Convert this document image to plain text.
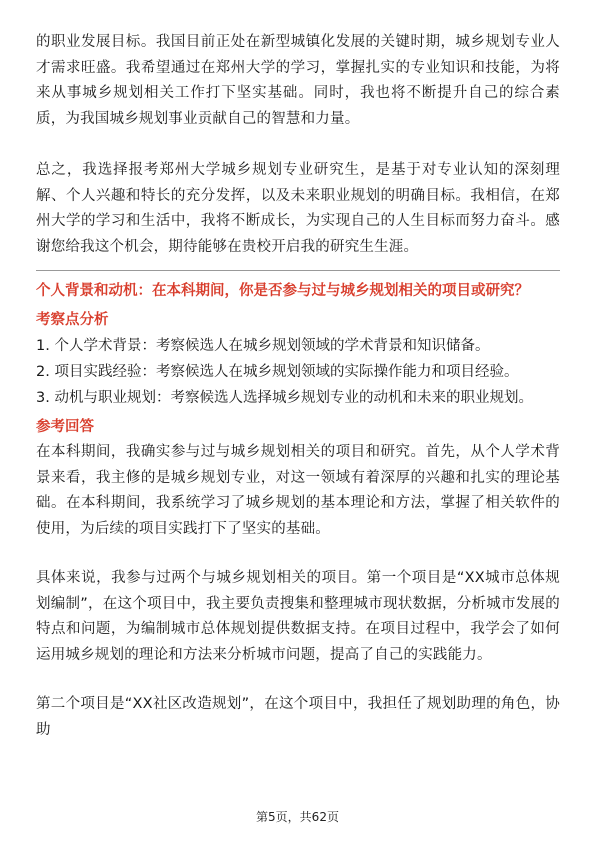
的职业发展目标。我国目前正处在新型城镇化发展的关键时期，城乡规划专业人才需求旺盛。我希望通过在郑州大学的学习，掌握扎实的专业知识和技能，为将来从事城乡规划相关工作打下坚实基础。同时，我也将不断提升自己的综合素质，为我国城乡规划事业贡献自己的智慧和力量。

总之，我选择报考郑州大学城乡规划专业研究生，是基于对专业认知的深刻理解、个人兴趣和特长的充分发挥，以及未来职业规划的明确目标。我相信，在郑州大学的学习和生活中，我将不断成长，为实现自己的人生目标而努力奋斗。感谢您给我这个机会，期待能够在贵校开启我的研究生生涯。

个人背景和动机：在本科期间，你是否参与过与城乡规划相关的项目或研究？

考察点分析

1. 个人学术背景：考察候选人在城乡规划领域的学术背景和知识储备。

2. 项目实践经验：考察候选人在城乡规划领域的实际操作能力和项目经验。

3. 动机与职业规划：考察候选人选择城乡规划专业的动机和未来的职业规划。

参考回答

在本科期间，我确实参与过与城乡规划相关的项目和研究。首先，从个人学术背景来看，我主修的是城乡规划专业，对这一领域有着深厚的兴趣和扎实的理论基础。在本科期间，我系统学习了城乡规划的基本理论和方法，掌握了相关软件的使用，为后续的项目实践打下了坚实的基础。

具体来说，我参与过两个与城乡规划相关的项目。第一个项目是“XX城市总体规划编制”，在这个项目中，我主要负责搜集和整理城市现状数据，分析城市发展的特点和问题，为编制城市总体规划提供数据支持。在项目过程中，我学会了如何运用城乡规划的理论和方法来分析城市问题，提高了自己的实践能力。

第二个项目是“XX社区改造规划”，在这个项目中，我担任了规划助理的角色，协助

第5页，共62页
